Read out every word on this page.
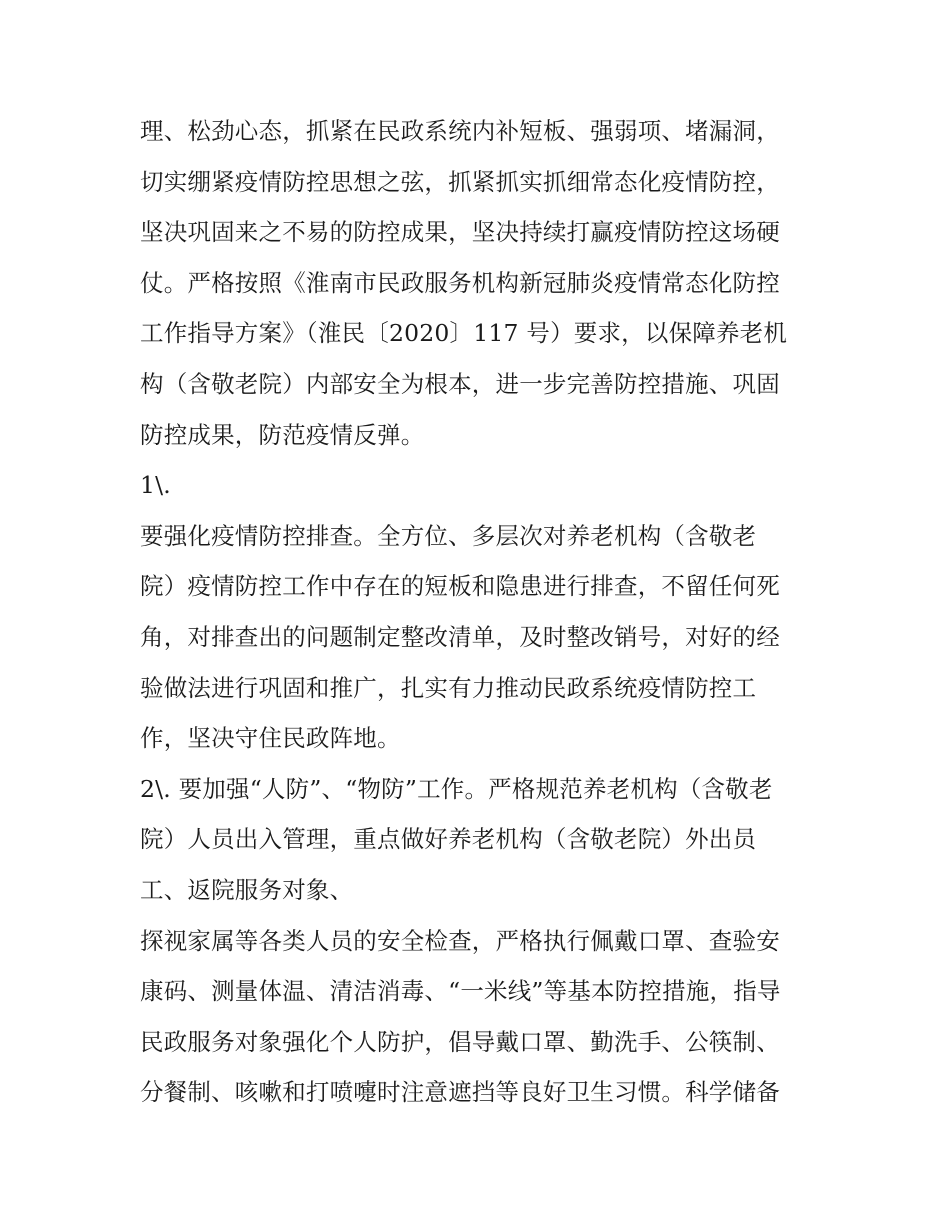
理、松劲心态，抓紧在民政系统内补短板、强弱项、堵漏洞，
切实绷紧疫情防控思想之弦，抓紧抓实抓细常态化疫情防控，
坚决巩固来之不易的防控成果，坚决持续打赢疫情防控这场硬
仗。严格按照《淮南市民政服务机构新冠肺炎疫情常态化防控
工作指导方案》（淮民〔2020〕117 号）要求，以保障养老机
构（含敬老院）内部安全为根本，进一步完善防控措施、巩固
防控成果，防范疫情反弹。
1\.
要强化疫情防控排查。全方位、多层次对养老机构（含敬老
院）疫情防控工作中存在的短板和隐患进行排查，不留任何死
角，对排查出的问题制定整改清单，及时整改销号，对好的经
验做法进行巩固和推广，扎实有力推动民政系统疫情防控工
作，坚决守住民政阵地。
2\. 要加强“人防”、“物防”工作。严格规范养老机构（含敬老
院）人员出入管理，重点做好养老机构（含敬老院）外出员
工、返院服务对象、
探视家属等各类人员的安全检查，严格执行佩戴口罩、查验安
康码、测量体温、清洁消毒、“一米线”等基本防控措施，指导
民政服务对象强化个人防护，倡导戴口罩、勤洗手、公筷制、
分餐制、咳嗽和打喷嚏时注意遮挡等良好卫生习惯。科学储备
